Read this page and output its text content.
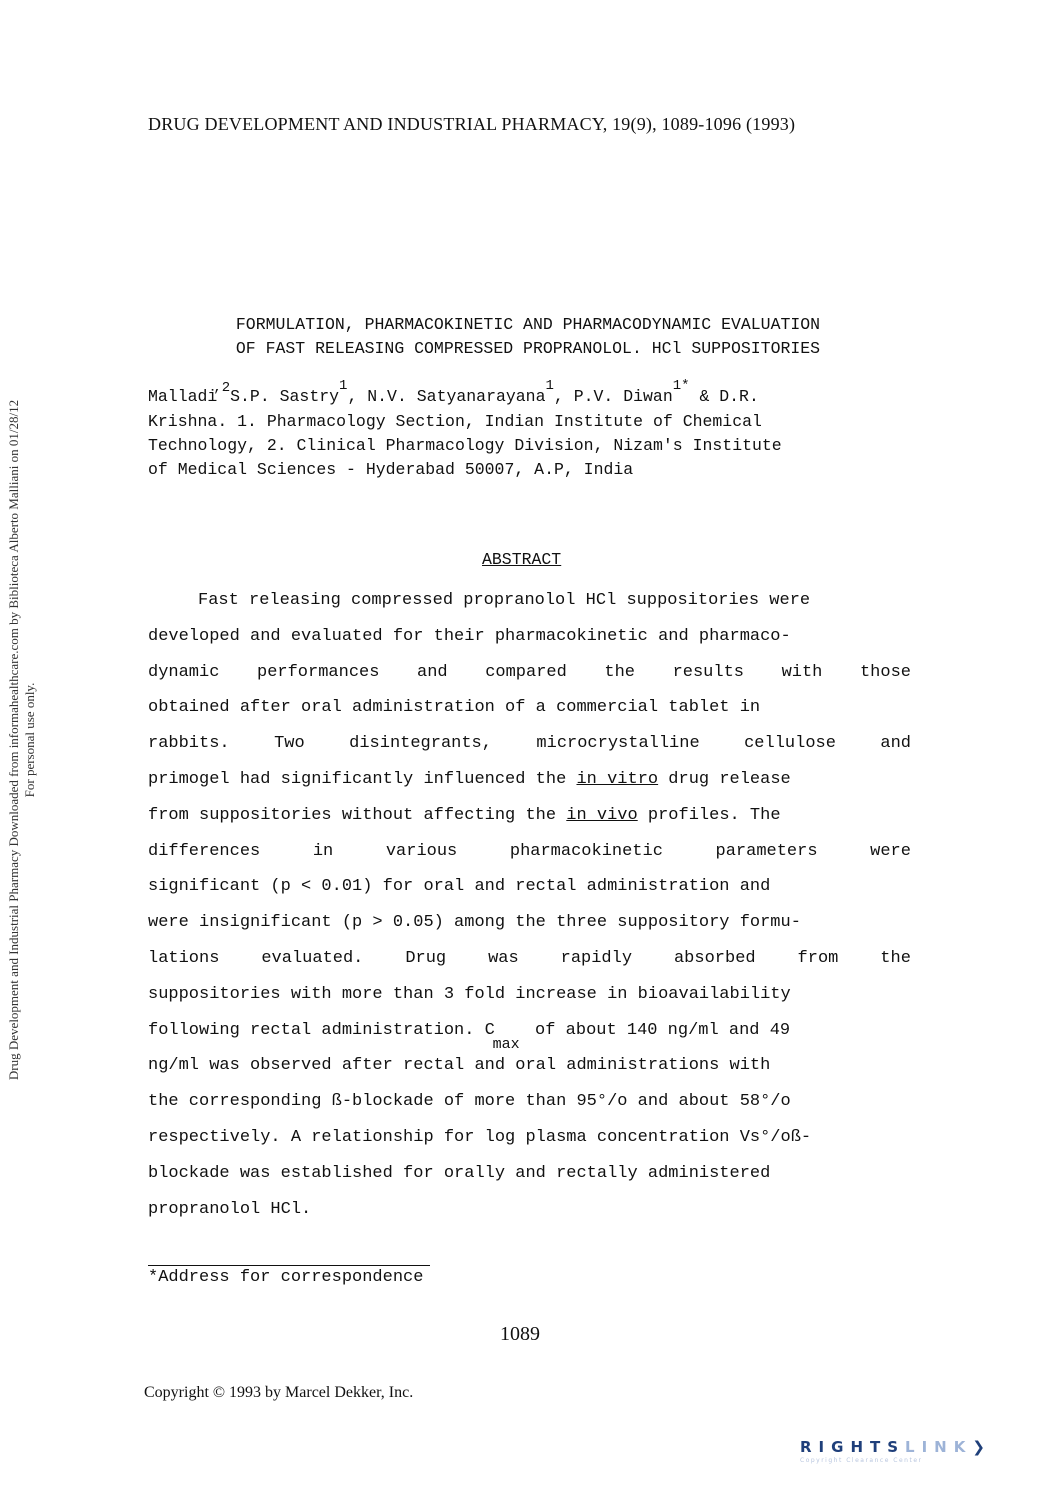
DRUG DEVELOPMENT AND INDUSTRIAL PHARMACY, 19(9), 1089-1096 (1993)
Drug Development and Industrial Pharmacy Downloaded from informahealthcare.com by Biblioteca Alberto Malliani on 01/28/12 For personal use only.
FORMULATION, PHARMACOKINETIC AND PHARMACODYNAMIC EVALUATION
OF FAST RELEASING COMPRESSED PROPRANOLOL. HCl SUPPOSITORIES
Malladi$^{,2}$S.P. Sastry$^1$, N.V. Satyanarayana$^1$, P.V. Diwan$^{1*}$ & D.R.
Krishna. 1. Pharmacology Section, Indian Institute of Chemical
Technology, 2. Clinical Pharmacology Division, Nizam's Institute
of Medical Sciences - Hyderabad 50007, A.P, India
ABSTRACT
Fast releasing compressed propranolol HCl suppositories were
developed and evaluated for their pharmacokinetic and pharmaco-
dynamic performances and compared the results with those
obtained after oral administration of a commercial tablet in
rabbits.	Two	disintegrants,	microcrystalline	cellulose	and
primogel had significantly influenced the in vitro drug release
from suppositories without affecting the in vivo profiles. The
differences	in	various	pharmacokinetic	parameters	were
significant (p < 0.01) for oral and rectal administration and
were insignificant (p > 0.05) among the three suppository formu-
lations evaluated. Drug was rapidly absorbed from the
suppositories with more than 3 fold increase in bioavailability
following rectal administration. C
max
of about 140 ng/ml and 49
ng/ml was observed after rectal and oral administrations with
the corresponding ß-blockade of more than 95°/o and about 58°/o
respectively. A relationship for log plasma concentration Vs°/oß-
blockade was established for orally and rectally administered
propranolol HCl.
*Address for correspondence
1089
Copyright © 1993 by Marcel Dekker, Inc.
RIGHTSLINK❯
Copyright Clearance Center
